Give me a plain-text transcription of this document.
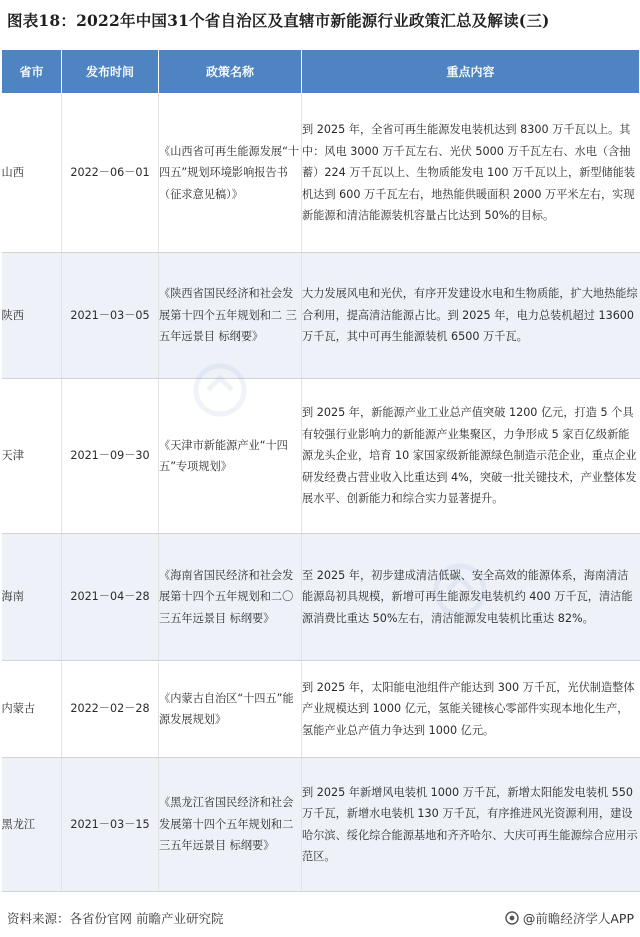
图表18：2022年中国31个省自治区及直辖市新能源行业政策汇总及解读(三)
省市	发布时间	政策名称	重点内容
山西	2022－06－01	《山西省可再生能源发展“十四五”规划环境影响报告书（征求意见稿）》	到 2025 年，全省可再生能源发电装机达到 8300 万千瓦以上。其中：风电 3000 万千瓦左右、光伏 5000 万千瓦左右、水电（含抽蓄）224 万千瓦以上、生物质能发电 100 万千瓦以上，新型储能装机达到 600 万千瓦左右，地热能供暖面积 2000 万平米左右，实现新能源和清洁能源装机容量占比达到 50%的目标。
陕西	2021－03－05	《陕西省国民经济和社会发展第十四个五年规划和二 三五年远景目 标纲要》	大力发展风电和光伏，有序开发建设水电和生物质能，扩大地热能综合利用，提高清洁能源占比。到 2025 年，电力总装机超过 13600 万千瓦，其中可再生能源装机 6500 万千瓦。
天津	2021－09－30	《天津市新能源产业“十四五”专项规划》	到 2025 年，新能源产业工业总产值突破 1200 亿元，打造 5 个具有较强行业影响力的新能源产业集聚区，力争形成 5 家百亿级新能源龙头企业，培育 10 家国家级新能源绿色制造示范企业，重点企业研发经费占营业收入比重达到 4%，突破一批关键技术，产业整体发展水平、创新能力和综合实力显著提升。
海南	2021－04－28	《海南省国民经济和社会发展第十四个五年规划和二〇三五年远景目 标纲要》	至 2025 年，初步建成清洁低碳、安全高效的能源体系，海南清洁能源岛初具规模，新增可再生能源发电装机约 400 万千瓦，清洁能源消费比重达 50%左右，清洁能源发电装机比重达 82%。
内蒙古	2022－02－28	《内蒙古自治区“十四五”能源发展规划》	到 2025 年，太阳能电池组件产能达到 300 万千瓦，光伏制造整体产业规模达到 1000 亿元，氢能关键核心零部件实现本地化生产，氢能产业总产值力争达到 1000 亿元。
黑龙江	2021－03－15	《黑龙江省国民经济和社会发展第十四个五年规划和二 三五年远景目 标纲要》	到 2025 年新增风电装机 1000 万千瓦，新增太阳能发电装机 550 万千瓦，新增水电装机 130 万千瓦，有序推进风光资源利用，建设哈尔滨、绥化综合能源基地和齐齐哈尔、大庆可再生能源综合应用示范区。
资料来源：各省份官网 前瞻产业研究院	@前瞻经济学人APP
